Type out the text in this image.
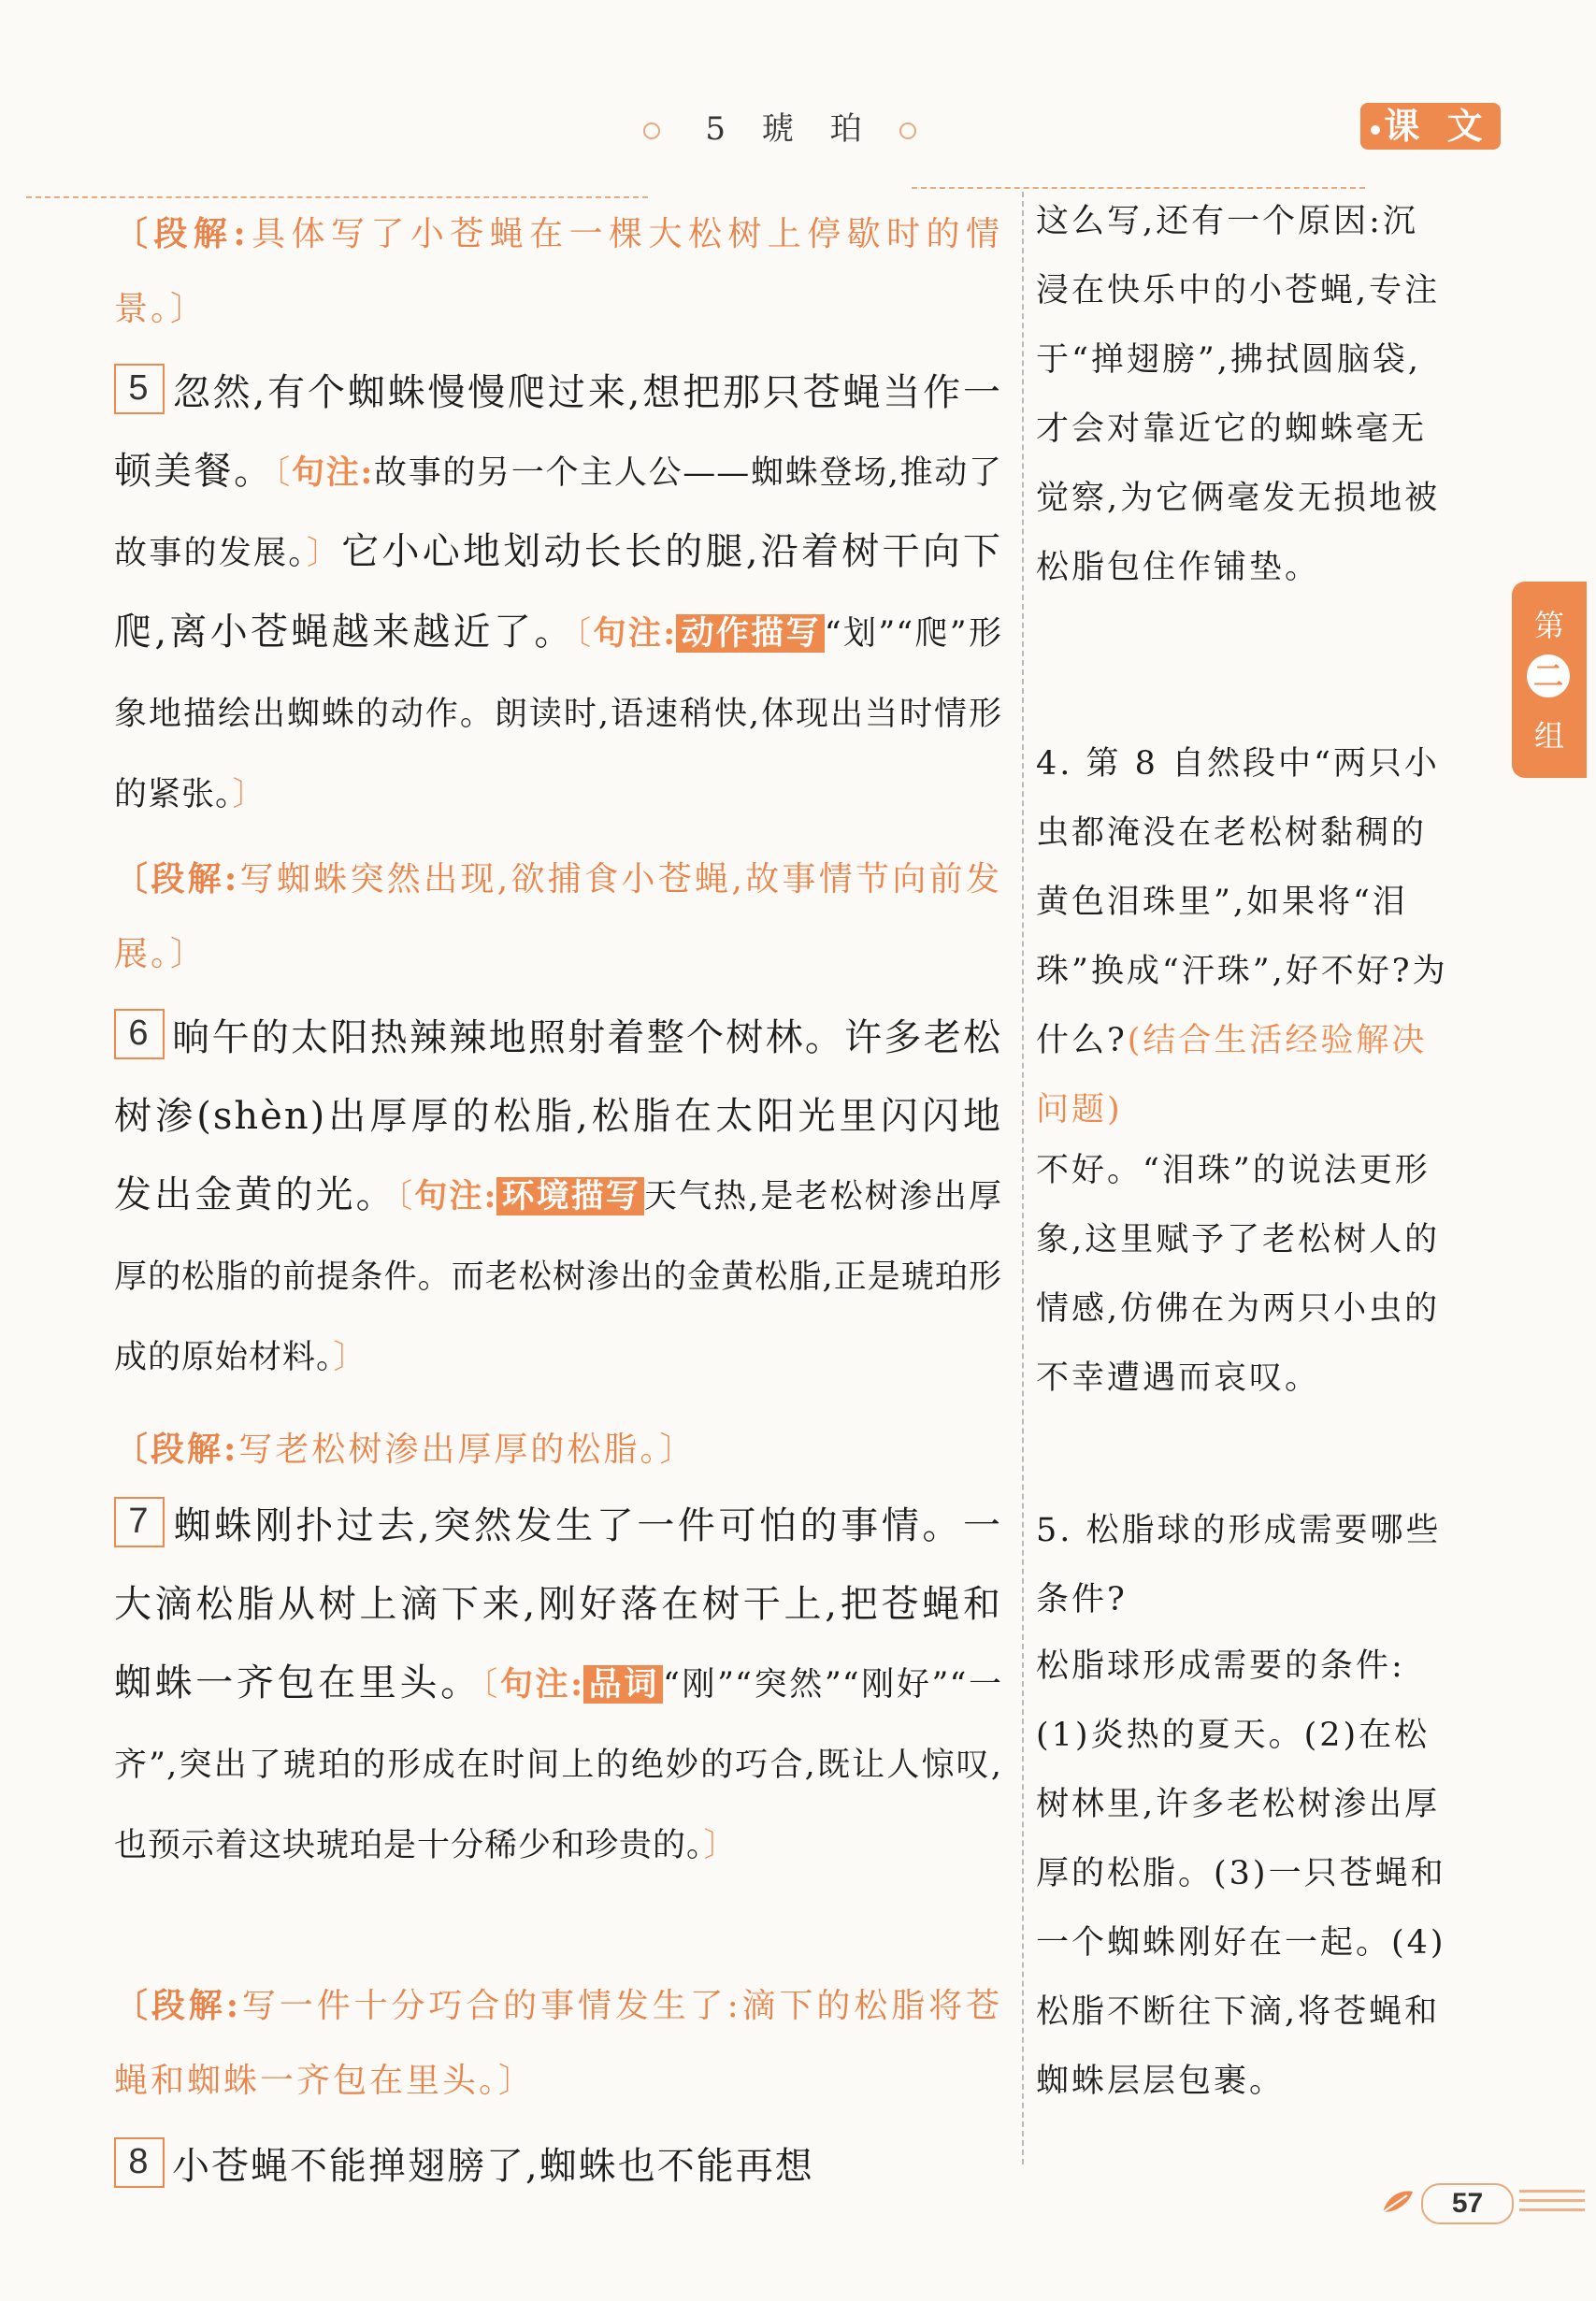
5 琥 珀	课 文
第
二
组
〔段解:具体写了小苍蝇在一棵大松树上停歇时的情景。〕
5 忽然,有个蜘蛛慢慢爬过来,想把那只苍蝇当作一顿美餐。〔句注:故事的另一个主人公——蜘蛛登场,推动了故事的发展。〕它小心地划动长长的腿,沿着树干向下爬,离小苍蝇越来越近了。〔句注: 动作描写 “划”“爬”形象地描绘出蜘蛛的动作。朗读时,语速稍快,体现出当时情形的紧张。〕
〔段解:写蜘蛛突然出现,欲捕食小苍蝇,故事情节向前发展。〕
6 晌午的太阳热辣辣地照射着整个树林。许多老松树渗(shèn)出厚厚的松脂,松脂在太阳光里闪闪地发出金黄的光。〔句注: 环境描写 天气热,是老松树渗出厚厚的松脂的前提条件。而老松树渗出的金黄松脂,正是琥珀形成的原始材料。〕
〔段解:写老松树渗出厚厚的松脂。〕
7 蜘蛛刚扑过去,突然发生了一件可怕的事情。一大滴松脂从树上滴下来,刚好落在树干上,把苍蝇和蜘蛛一齐包在里头。〔句注: 品词 “刚”“突然”“刚好”“一齐”,突出了琥珀的形成在时间上的绝妙的巧合,既让人惊叹,也预示着这块琥珀是十分稀少和珍贵的。〕
〔段解:写一件十分巧合的事情发生了:滴下的松脂将苍蝇和蜘蛛一齐包在里头。〕
8 小苍蝇不能掸翅膀了,蜘蛛也不能再想
这么写,还有一个原因:沉浸在快乐中的小苍蝇,专注于“掸翅膀”,拂拭圆脑袋,才会对靠近它的蜘蛛毫无觉察,为它俩毫发无损地被松脂包住作铺垫。
4. 第 8 自然段中“两只小虫都淹没在老松树黏稠的黄色泪珠里”,如果将“泪珠”换成“汗珠”,好不好?为什么?(结合生活经验解决问题)
不好。“泪珠”的说法更形象,这里赋予了老松树人的情感,仿佛在为两只小虫的不幸遭遇而哀叹。
5. 松脂球的形成需要哪些条件?
松脂球形成需要的条件:(1)炎热的夏天。(2)在松树林里,许多老松树渗出厚厚的松脂。(3)一只苍蝇和一个蜘蛛刚好在一起。(4)松脂不断往下滴,将苍蝇和蜘蛛层层包裹。
57
